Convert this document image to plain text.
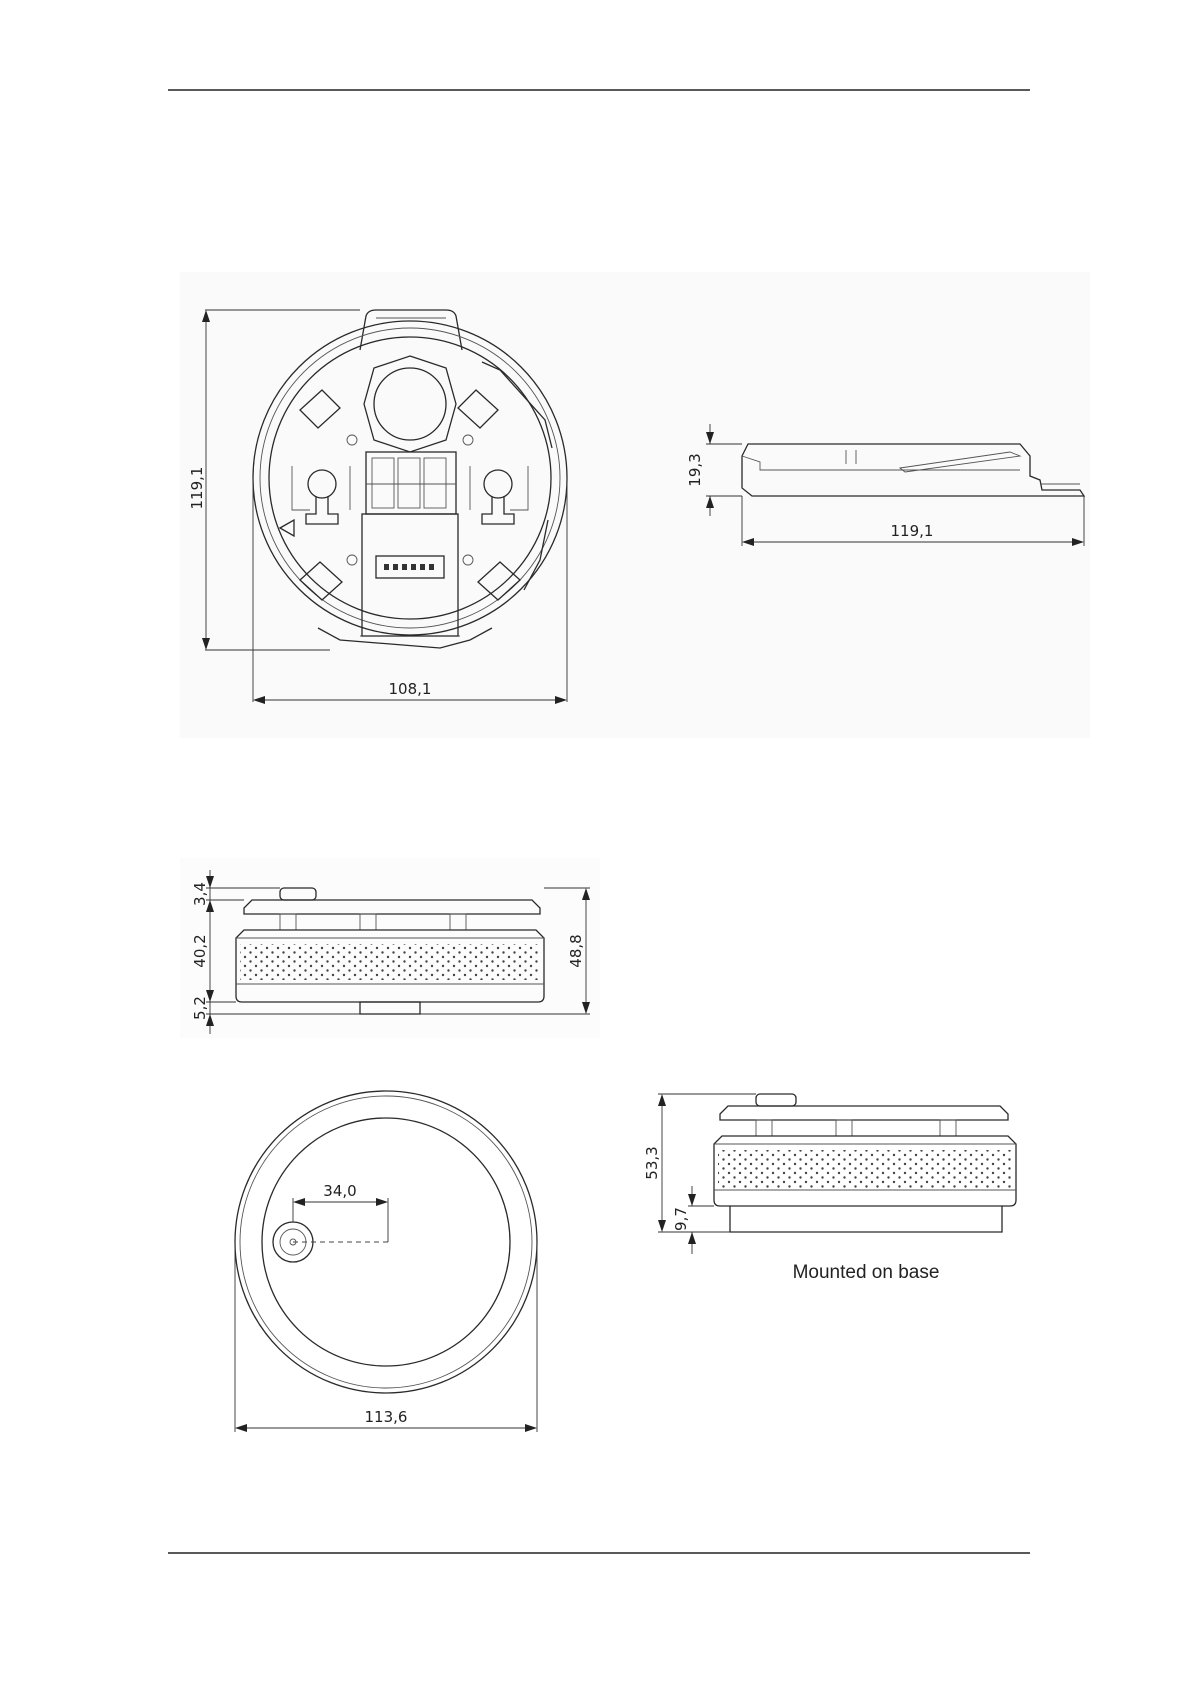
119,1
108,1
19,3
119,1
3,4
40,2
5,2
48,8
34,0
113,6
53,3
9,7
Mounted on base
